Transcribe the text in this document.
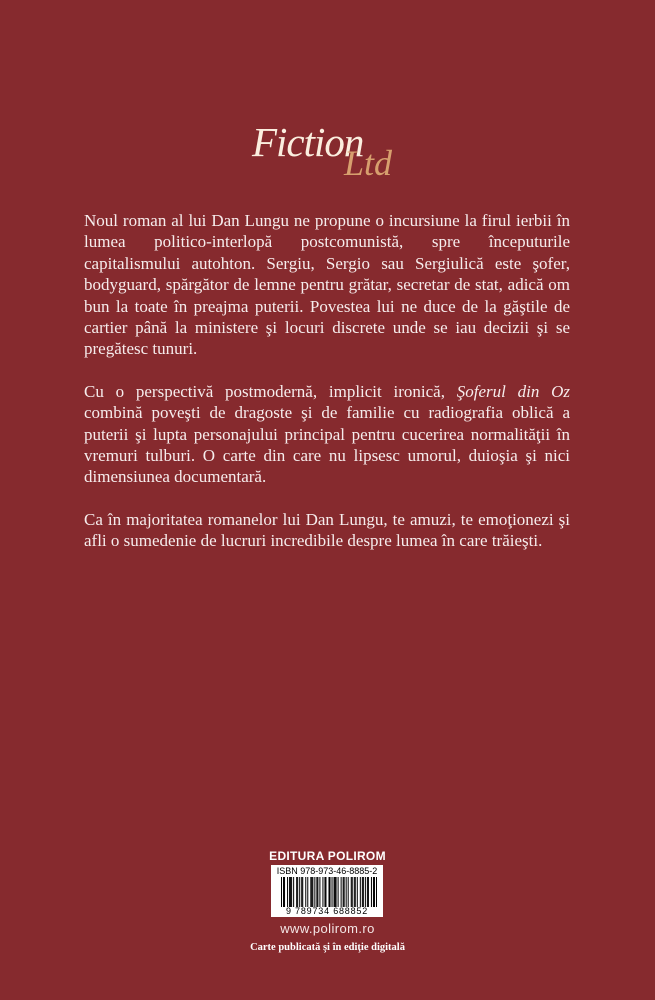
Fiction
Ltd

Noul roman al lui Dan Lungu ne propune o incursiune la firul ierbii în lumea politico-interlopă postcomunistă, spre începuturile capitalismului autohton. Sergiu, Sergio sau Sergiulică este şofer, bodyguard, spărgător de lemne pentru grătar, secretar de stat, adică om bun la toate în preajma puterii. Povestea lui ne duce de la găştile de cartier până la ministere şi locuri discrete unde se iau decizii şi se pregătesc tunuri.

Cu o perspectivă postmodernă, implicit ironică, Şoferul din Oz combină poveşti de dragoste şi de familie cu radiografia oblică a puterii şi lupta personajului principal pentru cucerirea normalităţii în vremuri tulburi. O carte din care nu lipsesc umorul, duioşia şi nici dimensiunea documentară.

Ca în majoritatea romanelor lui Dan Lungu, te amuzi, te emoţionezi şi afli o sumedenie de lucruri incredibile despre lumea în care trăieşti.

EDITURA POLIROM
ISBN 978-973-46-8885-2
9 789734 688852
www.polirom.ro
Carte publicată şi în ediţie digitală
